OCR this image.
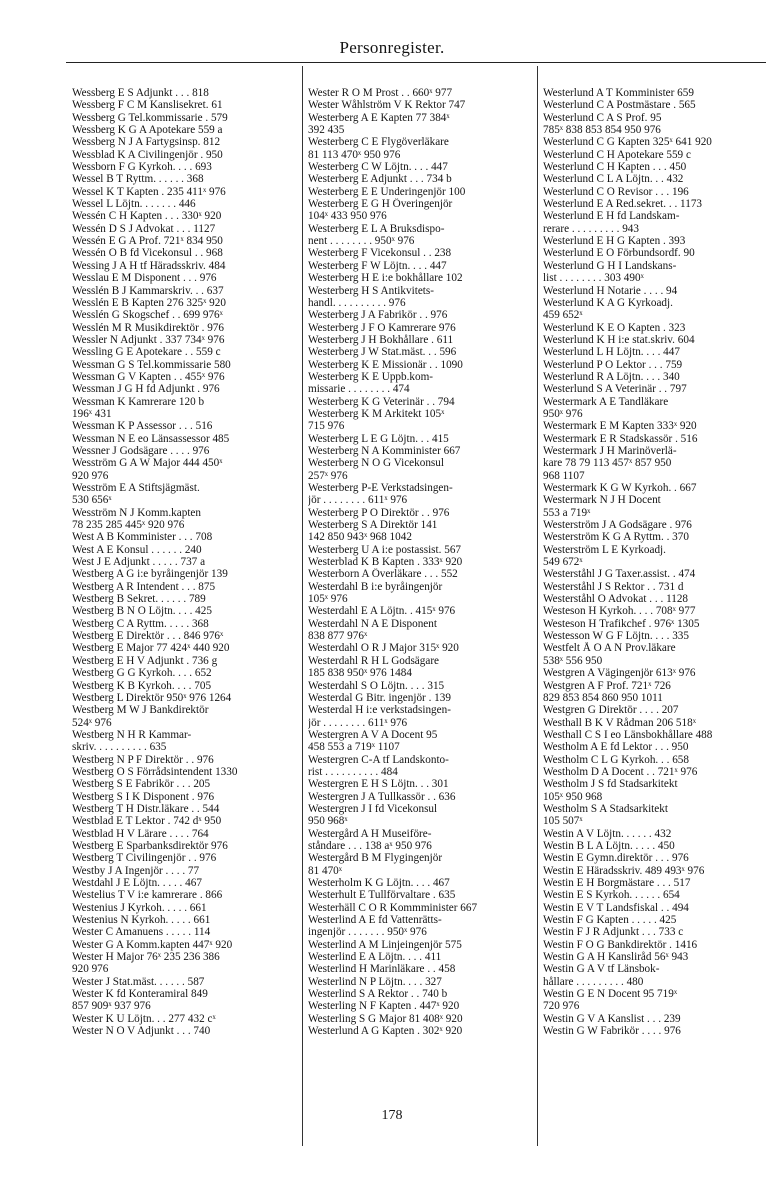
Personregister.
Wessberg E S Adjunkt . . . 818
Wessberg F C M Kanslisekret. 61
Wessberg G Tel.kommissarie . 579
Wessberg K G A Apotekare 559 a
Wessberg N J A Fartygsinsp. 812
Wessblad K A Civilingenjör . 950
Wessborn F G Kyrkoh. . . . 693
Wessel B T Ryttm. . . . . . 368
Wessel K T Kapten . 235 411ˣ 976
Wessel L Löjtn. . . . . . . 446
Wessén C H Kapten . . . 330ˣ 920
Wessén D S J Advokat . . . 1127
Wessén E G A Prof. 721ˣ 834 950
Wessén O B fd Vicekonsul . . 968
Wessing J A H tf Häradsskriv. 484
Wesslau E M Disponent . . . 976
Wesslén B J Kammarskriv. . . 637
Wesslén E B Kapten 276 325ˣ 920
Wesslén G Skogschef . . 699 976ˣ
Wesslén M R Musikdirektör . 976
Wessler N Adjunkt . 337 734ˣ 976
Wessling G E Apotekare . . 559 c
Wessman G S Tel.kommissarie 580
Wessman G V Kapten . . 455ˣ 976
Wessman J G H fd Adjunkt . 976
Wessman K Kamrerare 120 b
196ˣ 431
Wessman K P Assessor . . . 516
Wessman N E eo Länsassessor 485
Wessner J Godsägare . . . . 976
Wesström G A W Major 444 450ˣ
920 976
Wesström E A Stiftsjägmäst.
530 656ˣ
Wesström N J Komm.kapten
78 235 285 445ˣ 920 976
West A B Komminister . . . 708
West A E Konsul . . . . . . 240
West J E Adjunkt . . . . . 737 a
Westberg A G i:e byråingenjör 139
Westberg A R Intendent . . . 875
Westberg B Sekret. . . . . . 789
Westberg B N O Löjtn. . . . 425
Westberg C A Ryttm. . . . . 368
Westberg E Direktör . . . 846 976ˣ
Westberg E Major 77 424ˣ 440 920
Westberg E H V Adjunkt . 736 g
Westberg G G Kyrkoh. . . . 652
Westberg K B Kyrkoh. . . . 705
Westberg L Direktör 950ˣ 976 1264
Westberg M W J Bankdirektör
524ˣ 976
Westberg N H R Kammar-
skriv. . . . . . . . . . 635
Westberg N P F Direktör . . 976
Westberg O S Förrådsintendent 1330
Westberg S E Fabrikör . . . 205
Westberg S I K Disponent . 976
Westberg T H Distr.läkare . . 544
Westblad E T Lektor . 742 dˣ 950
Westblad H V Lärare . . . . 764
Westberg E Sparbanksdirektör 976
Westberg T Civilingenjör . . 976
Westby J A Ingenjör . . . . 77
Westdahl J E Löjtn. . . . . 467
Westelius T V i:e kamrerare . 866
Westenius J Kyrkoh. . . . . 661
Westenius N Kyrkoh. . . . . 661
Wester C Amanuens . . . . . 114
Wester G A Komm.kapten 447ˣ 920
Wester H Major 76ˣ 235 236 386
920 976
Wester J Stat.mäst. . . . . . 587
Wester K fd Konteramiral 849
857 909ˣ 937 976
Wester K U Löjtn. . . 277 432 cˣ
Wester N O V Adjunkt . . . 740
Wester R O M Prost . . 660ˣ 977
Wester Wåhlström V K Rektor 747
Westerberg A E Kapten 77 384ˣ
392 435
Westerberg C E Flygöverläkare
81 113 470ˣ 950 976
Westerberg C W Löjtn. . . . 447
Westerberg E Adjunkt . . . 734 b
Westerberg E E Underingenjör 100
Westerberg E G H Överingenjör
104ˣ 433 950 976
Westerberg E L A Bruksdispo-
nent . . . . . . . . 950ˣ 976
Westerberg F Vicekonsul . . 238
Westerberg F W Löjtn. . . . 447
Westerberg H E i:e bokhållare 102
Westerberg H S Antikvitets-
handl. . . . . . . . . . 976
Westerberg J A Fabrikör . . 976
Westerberg J F O Kamrerare 976
Westerberg J H Bokhållare . 611
Westerberg J W Stat.mäst. . . 596
Westerberg K E Missionär . . 1090
Westerberg K E Uppb.kom-
missarie . . . . . . . . 474
Westerberg K G Veterinär . . 794
Westerberg K M Arkitekt 105ˣ
715 976
Westerberg L E G Löjtn. . . 415
Westerberg N A Komminister 667
Westerberg N O G Vicekonsul
257ˣ 976
Westerberg P-E Verkstadsingen-
jör . . . . . . . . 611ˣ 976
Westerberg P O Direktör . . 976
Westerberg S A Direktör 141
142 850 943ˣ 968 1042
Westerberg U A i:e postassist. 567
Westerblad K B Kapten . 333ˣ 920
Westerborn A Överläkare . . . 552
Westerdahl B i:e byråingenjör
105ˣ 976
Westerdahl E A Löjtn. . 415ˣ 976
Westerdahl N A E Disponent
838 877 976ˣ
Westerdahl O R J Major 315ˣ 920
Westerdahl R H L Godsägare
185 838 950ˣ 976 1484
Westerdahl S O Löjtn. . . . 315
Westerdal G Bitr. ingenjör . 139
Westerdal H i:e verkstadsingen-
jör . . . . . . . . 611ˣ 976
Westergren A V A Docent 95
458 553 a 719ˣ 1107
Westergren C-A tf Landskonto-
rist . . . . . . . . . . 484
Westergren E H S Löjtn. . . 301
Westergren J A Tullkassör . . 636
Westergren J I fd Vicekonsul
950 968ˣ
Westergård A H Museiföre-
ståndare . . . 138 aˣ 950 976
Westergård B M Flygingenjör
81 470ˣ
Westerholm K G Löjtn. . . . 467
Westerhult E Tullförvaltare . 635
Westerhäll C O R Kommminister 667
Westerlind A E fd Vattenrätts-
ingenjör . . . . . . . 950ˣ 976
Westerlind A M Linjeingenjör 575
Westerlind E A Löjtn. . . . 411
Westerlind H Marinläkare . . 458
Westerlind N P Löjtn. . . . 327
Westerlind S A Rektor . . 740 b
Westerling N F Kapten . 447ˣ 920
Westerling S G Major 81 408ˣ 920
Westerlund A G Kapten . 302ˣ 920
Westerlund A T Komminister 659
Westerlund C A Postmästare . 565
Westerlund C A S Prof. 95
785ˣ 838 853 854 950 976
Westerlund C G Kapten 325ˣ 641 920
Westerlund C H Apotekare 559 c
Westerlund C H Kapten . . . 450
Westerlund C L A Löjtn. . . 432
Westerlund C O Revisor . . . 196
Westerlund E A Red.sekret. . . 1173
Westerlund E H fd Landskam-
rerare . . . . . . . . . 943
Westerlund E H G Kapten . 393
Westerlund E O Förbundsordf. 90
Westerlund G H I Landskans-
list . . . . . . . . 303 490ˣ
Westerlund H Notarie . . . . 94
Westerlund K A G Kyrkoadj.
459 652ˣ
Westerlund K E O Kapten . 323
Westerlund K H i:e stat.skriv. 604
Westerlund L H Löjtn. . . . 447
Westerlund P O Lektor . . . 759
Westerlund R A Löjtn. . . . 340
Westerlund S A Veterinär . . 797
Westermark A E Tandläkare
950ˣ 976
Westermark E M Kapten 333ˣ 920
Westermark E R Stadskassör . 516
Westermark J H Marinöverlä-
kare 78 79 113 457ˣ 857 950
968 1107
Westermark K G W Kyrkoh. . 667
Westermark N J H Docent
553 a 719ˣ
Westerström J A Godsägare . 976
Westerström K G A Ryttm. . 370
Westerström L E Kyrkoadj.
549 672ˣ
Westerståhl J G Taxer.assist. . 474
Westerståhl J S Rektor . . 731 d
Westerståhl O Advokat . . . 1128
Westeson H Kyrkoh. . . . 708ˣ 977
Westeson H Trafikchef . 976ˣ 1305
Westesson W G F Löjtn. . . . 335
Westfelt Å O A N Prov.läkare
538ˣ 556 950
Westgren A Vägingenjör 613ˣ 976
Westgren A F Prof. 721ˣ 726
829 853 854 860 950 1011
Westgren G Direktör . . . . 207
Westhall B K V Rådman 206 518ˣ
Westhall C S I eo Länsbokhållare 488
Westholm A E fd Lektor . . . 950
Westholm C L G Kyrkoh. . . 658
Westholm D A Docent . . 721ˣ 976
Westholm J S fd Stadsarkitekt
105ˣ 950 968
Westholm S A Stadsarkitekt
105 507ˣ
Westin A V Löjtn. . . . . . 432
Westin B L A Löjtn. . . . . 450
Westin E Gymn.direktör . . . 976
Westin E Häradsskriv. 489 493ˣ 976
Westin E H Borgmästare . . . 517
Westin E S Kyrkoh. . . . . . 654
Westin E V T Landsfiskal . . 494
Westin F G Kapten . . . . . 425
Westin F J R Adjunkt . . . 733 c
Westin F O G Bankdirektör . 1416
Westin G A H Kanslіråd 56ˣ 943
Westin G A V tf Länsbok-
hållare . . . . . . . . . 480
Westin G E N Docent 95 719ˣ
720 976
Westin G V A Kanslist . . . 239
Westin G W Fabrikör . . . . 976
178
